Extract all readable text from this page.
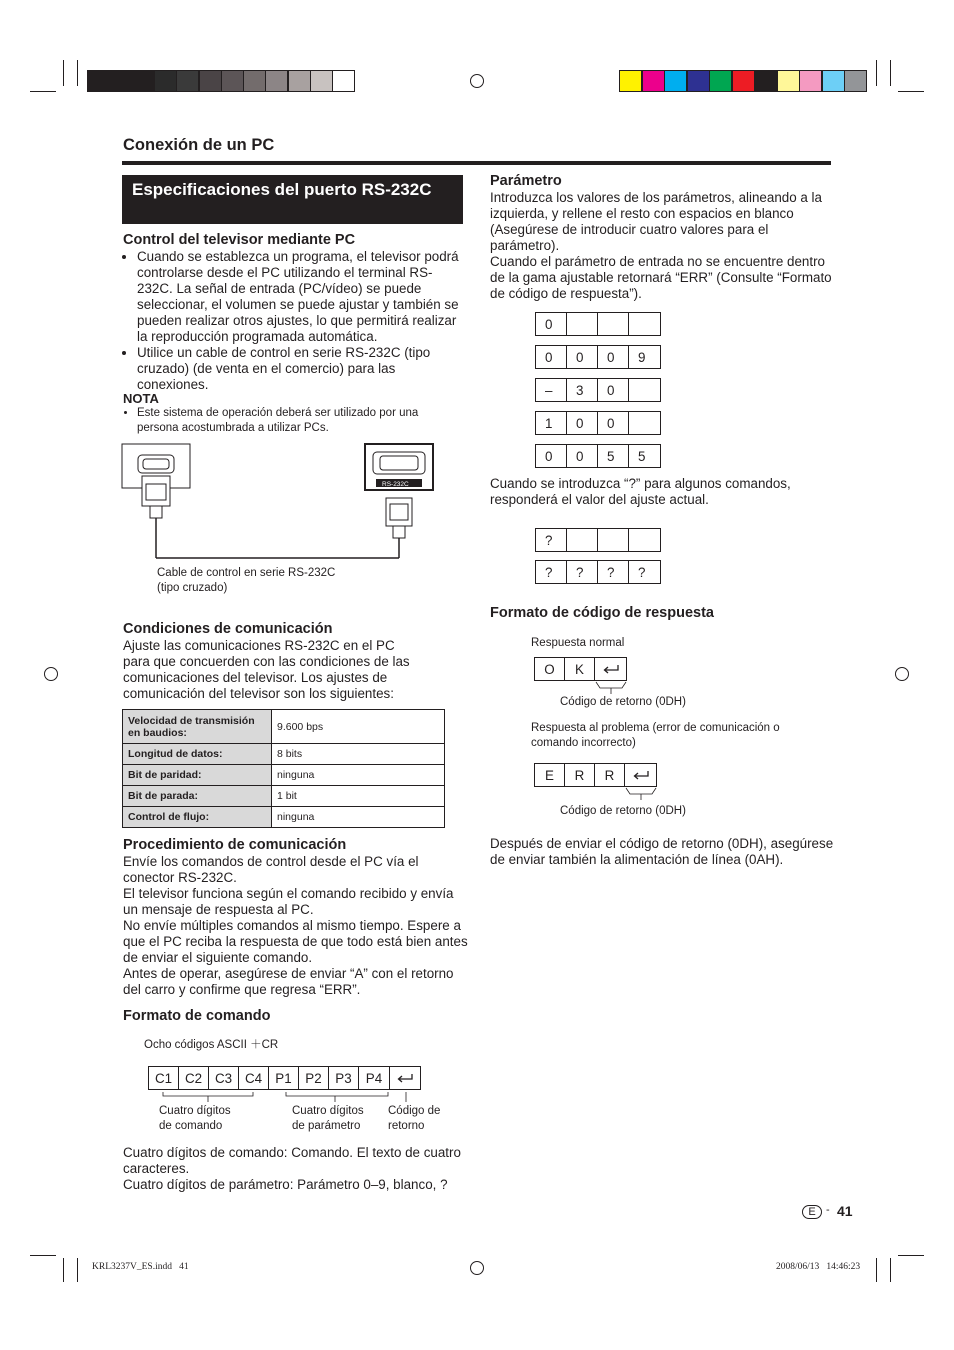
Conexión de un PC
Especificaciones del puerto RS-232C
Control del televisor mediante PC
• Cuando se establezca un programa, el televisor podrá controlarse desde el PC utilizando el terminal RS-232C. La señal de entrada (PC/vídeo) se puede seleccionar, el volumen se puede ajustar y también se pueden realizar otros ajustes, lo que permitirá realizar la reproducción programada automática.
• Utilice un cable de control en serie RS-232C (tipo cruzado) (de venta en el comercio) para las conexiones.
NOTA
• Este sistema de operación deberá ser utilizado por una persona acostumbrada a utilizar PCs.
RS-232C
Cable de control en serie RS-232C
(tipo cruzado)
Condiciones de comunicación
Ajuste las comunicaciones RS-232C en el PC para que concuerden con las condiciones de las comunicaciones del televisor. Los ajustes de comunicación del televisor son los siguientes:
Velocidad de transmisión en baudios:	9.600 bps
Longitud de datos:	8 bits
Bit de paridad:	ninguna
Bit de parada:	1 bit
Control de flujo:	ninguna
Procedimiento de comunicación
Envíe los comandos de control desde el PC vía el conector RS-232C.
El televisor funciona según el comando recibido y envía un mensaje de respuesta al PC.
No envíe múltiples comandos al mismo tiempo. Espere a que el PC reciba la respuesta de que todo está bien antes de enviar el siguiente comando.
Antes de operar, asegúrese de enviar “A” con el retorno del carro y confirme que regresa “ERR”.
Formato de comando
Ocho códigos ASCII ＋CR
C1 C2 C3 C4 P1	P2	P3	P4
Cuatro dígitos
de comando
Cuatro dígitos
de parámetro
Código de
retorno
Cuatro dígitos de comando: Comando. El texto de cuatro caracteres.
Cuatro dígitos de parámetro: Parámetro 0–9, blanco, ?
Parámetro
Introduzca los valores de los parámetros, alineando a la izquierda, y rellene el resto con espacios en blanco (Asegúrese de introducir cuatro valores para el parámetro).
Cuando el parámetro de entrada no se encuentre dentro de la gama ajustable retornará “ERR” (Consulte “Formato de código de respuesta”).
0
0	0	0	9
–	3	0
1	0	0
0	0	5	5
Cuando se introduzca “?” para algunos comandos, responderá el valor del ajuste actual.
?
?	?	?	?
Formato de código de respuesta
Respuesta normal
O	K
Código de retorno (0DH)
Respuesta al problema (error de comunicación o comando incorrecto)
E	R	R
Código de retorno (0DH)
Después de enviar el código de retorno (0DH), asegúrese de enviar también la alimentación de línea (0AH).
E - 41
KRL3237V_ES.indd   41	2008/06/13   14:46:23
